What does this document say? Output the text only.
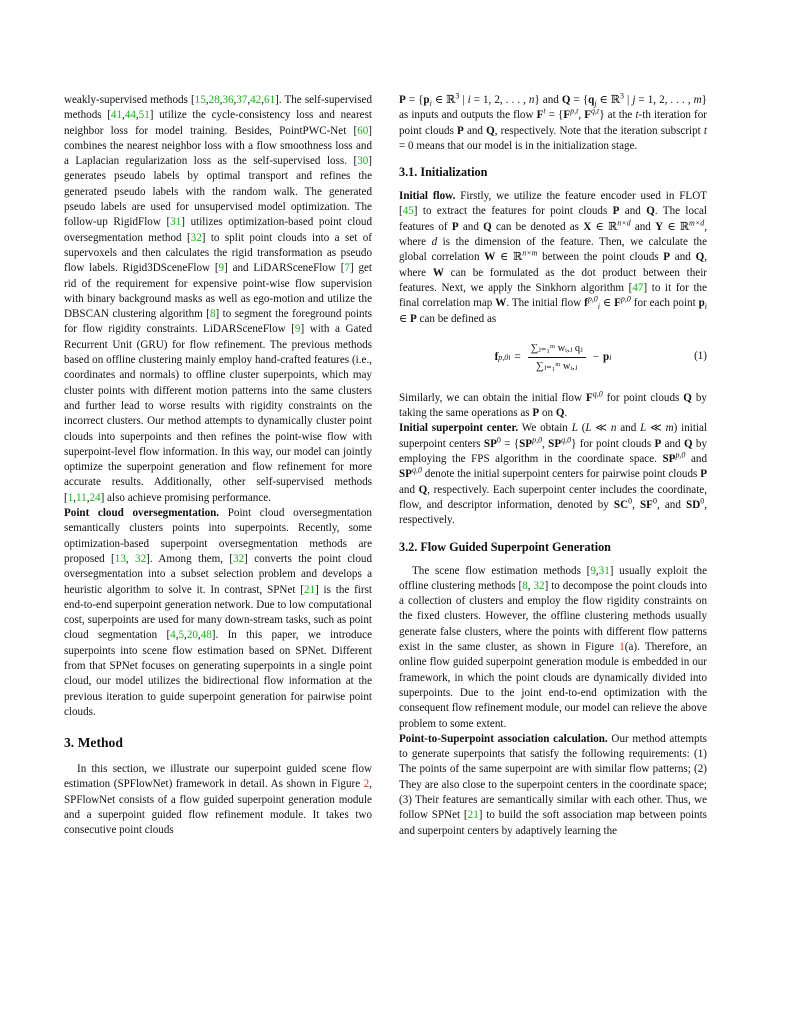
weakly-supervised methods [15,28,36,37,42,61]. The self-supervised methods [41,44,51] utilize the cycle-consistency loss and nearest neighbor loss for model training. Besides, PointPWC-Net [60] combines the nearest neighbor loss with a flow smoothness loss and a Laplacian regularization loss as the self-supervised loss. [30] generates pseudo labels by optimal transport and refines the generated pseudo labels with the random walk. The generated pseudo labels are used for unsupervised model optimization. The follow-up RigidFlow [31] utilizes optimization-based point cloud oversegmentation method [32] to split point clouds into a set of supervoxels and then calculates the rigid transformation as pseudo flow labels. Rigid3DSceneFlow [9] and LiDARSceneFlow [7] get rid of the requirement for expensive point-wise flow supervision with binary background masks as well as ego-motion and utilize the DBSCAN clustering algorithm [8] to segment the foreground points for flow rigidity constraints. LiDARSceneFlow [9] with a Gated Recurrent Unit (GRU) for flow refinement. The previous methods based on offline clustering mainly employ hand-crafted features (i.e., coordinates and normals) to offline cluster superpoints, which may cluster points with different motion patterns into the same clusters and further lead to worse results with rigidity constraints on the incorrect clusters. Our method attempts to dynamically cluster point clouds into superpoints and then refines the point-wise flow with superpoint-level flow information. In this way, our model can jointly optimize the superpoint generation and flow refinement for more accurate results. Additionally, other self-supervised methods [1,11,24] also achieve promising performance.

Point cloud oversegmentation. Point cloud oversegmentation semantically clusters points into superpoints. Recently, some optimization-based superpoint oversegmentation methods are proposed [13, 32]. Among them, [32] converts the point cloud oversegmentation into a subset selection problem and develops a heuristic algorithm to solve it. In contrast, SPNet [21] is the first end-to-end superpoint generation network. Due to low computational cost, superpoints are used for many down-stream tasks, such as point cloud segmentation [4,5,20,48]. In this paper, we introduce superpoints into scene flow estimation based on SPNet. Different from that SPNet focuses on generating superpoints in a single point cloud, our model utilizes the bidirectional flow information at the previous iteration to guide superpoint generation for pairwise point clouds.

3. Method

In this section, we illustrate our superpoint guided scene flow estimation (SPFlowNet) framework in detail. As shown in Figure 2, SPFlowNet consists of a flow guided superpoint generation module and a superpoint guided flow refinement module. It takes two consecutive point clouds

$P = \{p_i$ ∈ ℝ$^3$ | i = 1, 2, . . . , n} and $Q = \{q_j$ ∈ ℝ$^3$ | j = 1, 2, . . . , m} as inputs and outputs the flow $F^t = \{F^{p,t}$, F$^{q,t}$} at the t-th iteration for point clouds P and Q, respectively. Note that the iteration subscript t = 0 means that our model is in the initialization stage.

3.1. Initialization

Initial flow. Firstly, we utilize the feature encoder used in FLOT [45] to extract the features for point clouds P and Q. The local features of P and Q can be denoted as X ∈ ℝ$^{n\times d}$ and Y ∈ ℝ$^{m\times d}$, where d is the dimension of the feature. Then, we calculate the global correlation W ∈ ℝ$^{n\times m}$ between the point clouds P and Q, where W can be formulated as the dot product between their features. Next, we apply the Sinkhorn algorithm [47] to it for the final correlation map W. The initial flow $f^{p,0}_i$ ∈ F$^{p,0}$ for each point $p_i$ ∈ P can be defined as

f p,0 $i = \frac{\text{∑ⱼ₌₁ᵐ wᵢ,ⱼ qⱼ}}{\text{∑ⱼ₌₁ᵐ wᵢ,ⱼ}} - p$ i	(1)

Similarly, we can obtain the initial flow F$^{q,0}$ for point clouds Q by taking the same operations as P on Q.

Initial superpoint center. We obtain L (L ≪ n and L ≪ m) initial superpoint centers $SP^0 = \{SP^{p,0}$, SP$^{q,0}$} for point clouds P and Q by employing the FPS algorithm in the coordinate space. SP$^{p,0}$ and SP$^{q,0}$ denote the initial superpoint centers for pairwise point clouds P and Q, respectively. Each superpoint center includes the coordinate, flow, and descriptor information, denoted by $SC^0$, $SF^0$, and $SD^0$, respectively.

3.2. Flow Guided Superpoint Generation

The scene flow estimation methods [9,31] usually exploit the offline clustering methods [8, 32] to decompose the point clouds into a collection of clusters and employ the flow rigidity constraints on the fixed clusters. However, the offline clustering methods usually generate false clusters, where the points with different flow patterns exist in the same cluster, as shown in Figure 1(a). Therefore, an online flow guided superpoint generation module is embedded in our framework, in which the point clouds are dynamically divided into superpoints. Due to the joint end-to-end optimization with the consequent flow refinement module, our model can relieve the above problem to some extent.

Point-to-Superpoint association calculation. Our method attempts to generate superpoints that satisfy the following requirements: (1) The points of the same superpoint are with similar flow patterns; (2) They are also close to the superpoint centers in the coordinate space; (3) Their features are semantically similar with each other. Thus, we follow SPNet [21] to build the soft association map between points and superpoint centers by adaptively learning the
